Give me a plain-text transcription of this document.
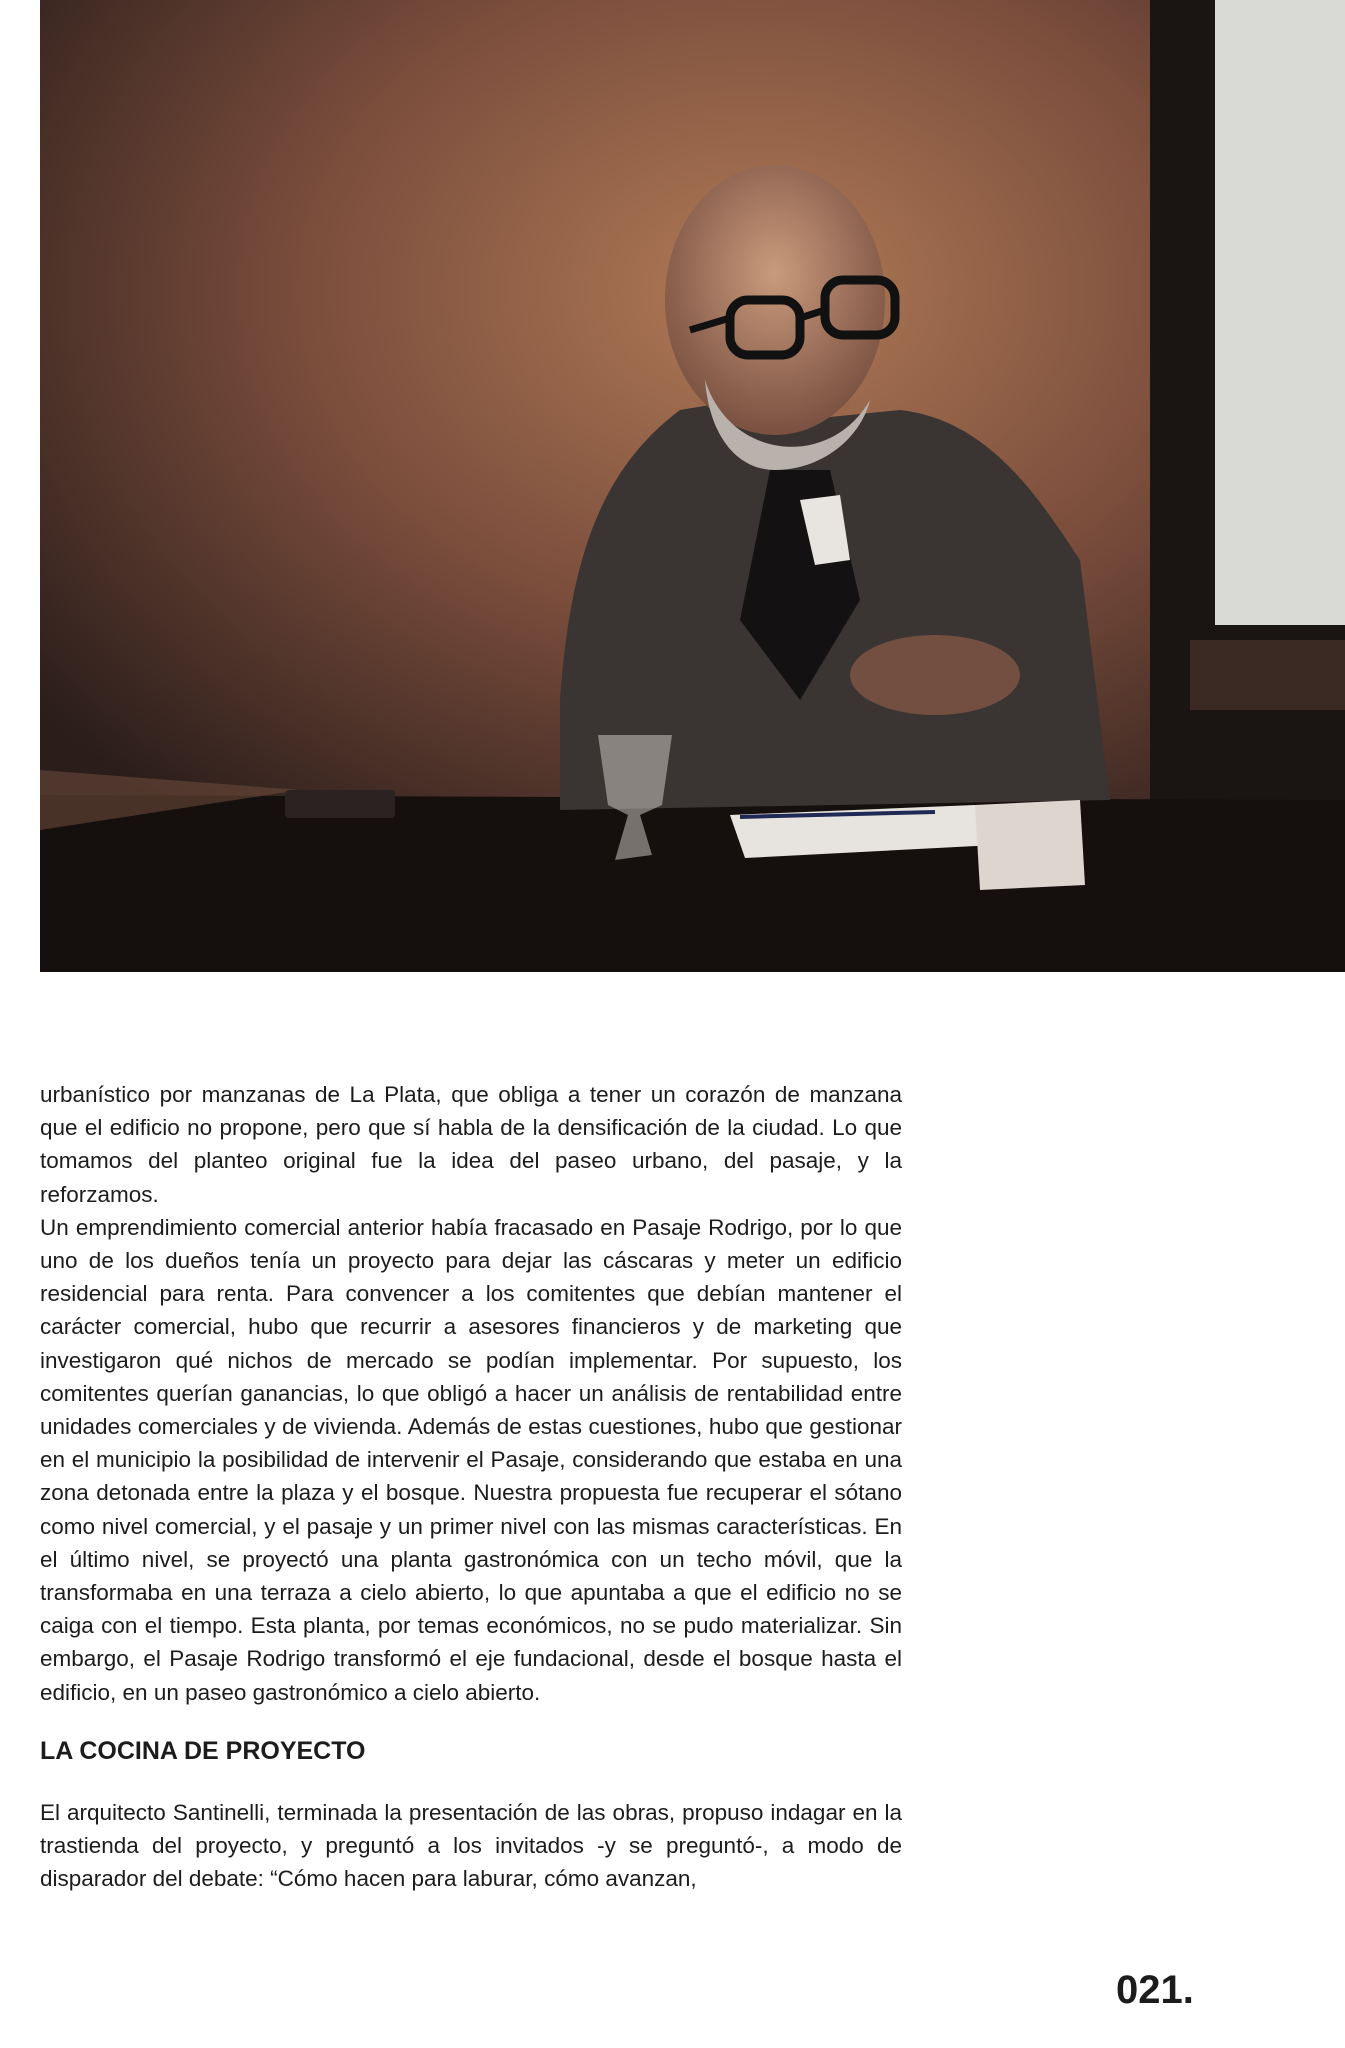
urbanístico por manzanas de La Plata, que obliga a tener un corazón de manzana que el edificio no propone, pero que sí habla de la densificación de la ciudad. Lo que tomamos del planteo original fue la idea del paseo urbano, del pasaje, y la reforzamos.

Un emprendimiento comercial anterior había fracasado en Pasaje Rodrigo, por lo que uno de los dueños tenía un proyecto para dejar las cáscaras y meter un edificio residencial para renta. Para convencer a los comitentes que debían mantener el carácter comercial, hubo que recurrir a asesores financieros y de marketing que investigaron qué nichos de mercado se podían implementar. Por supuesto, los comitentes querían ganancias, lo que obligó a hacer un análisis de rentabilidad entre unidades comerciales y de vivienda. Además de estas cuestiones, hubo que gestionar en el municipio la posibilidad de intervenir el Pasaje, considerando que estaba en una zona detonada entre la plaza y el bosque. Nuestra propuesta fue recuperar el sótano como nivel comercial, y el pasaje y un primer nivel con las mismas características. En el último nivel, se proyectó una planta gastronómica con un techo móvil, que la transformaba en una terraza a cielo abierto, lo que apuntaba a que el edificio no se caiga con el tiempo. Esta planta, por temas económicos, no se pudo materializar. Sin embargo, el Pasaje Rodrigo transformó el eje fundacional, desde el bosque hasta el edificio, en un paseo gastronómico a cielo abierto.

LA COCINA DE PROYECTO

El arquitecto Santinelli, terminada la presentación de las obras, propuso indagar en la trastienda del proyecto, y preguntó a los invitados -y se preguntó-, a modo de disparador del debate: “Cómo hacen para laburar, cómo avanzan,

021.
